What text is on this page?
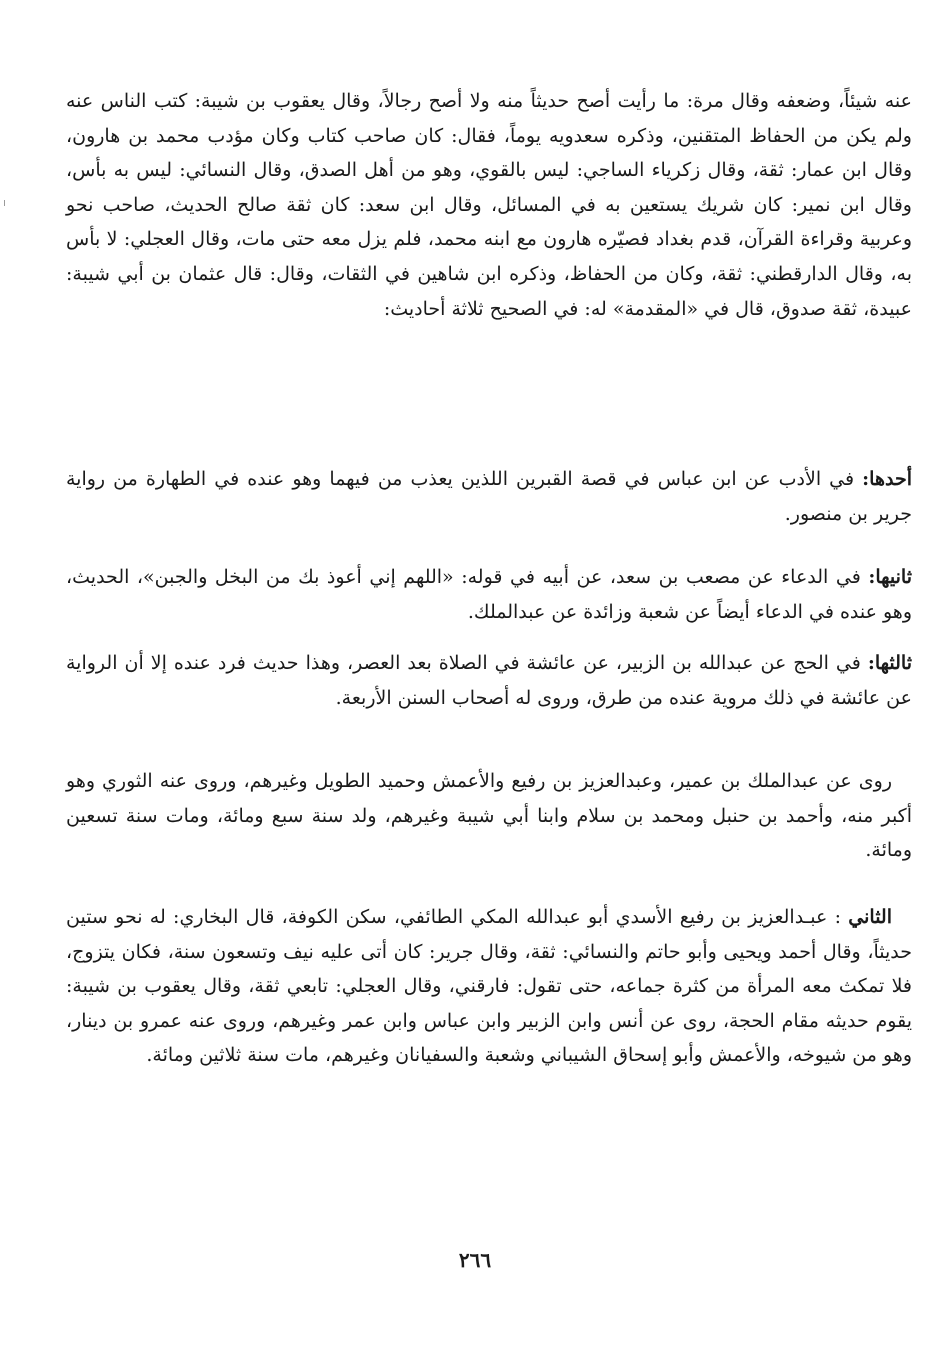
عنه شيئاً، وضعفه وقال مرة: ما رأيت أصح حديثاً منه ولا أصح رجالاً، وقال يعقوب بن شيبة: كتب الناس عنه ولم يكن من الحفاظ المتقنين، وذكره سعدويه يوماً، فقال: كان صاحب كتاب وكان مؤدب محمد بن هارون، وقال ابن عمار: ثقة، وقال زكرياء الساجي: ليس بالقوي، وهو من أهل الصدق، وقال النسائي: ليس به بأس، وقال ابن نمير: كان شريك يستعين به في المسائل، وقال ابن سعد: كان ثقة صالح الحديث، صاحب نحو وعربية وقراءة القرآن، قدم بغداد فصيّره هارون مع ابنه محمد، فلم يزل معه حتى مات، وقال العجلي: لا بأس به، وقال الدارقطني: ثقة، وكان من الحفاظ، وذكره ابن شاهين في الثقات، وقال: قال عثمان بن أبي شيبة: عبيدة، ثقة صدوق، قال في «المقدمة» له: في الصحيح ثلاثة أحاديث:
أحدها: في الأدب عن ابن عباس في قصة القبرين اللذين يعذب من فيهما وهو عنده في الطهارة من رواية جرير بن منصور.
ثانيها: في الدعاء عن مصعب بن سعد، عن أبيه في قوله: «اللهم إني أعوذ بك من البخل والجبن»، الحديث، وهو عنده في الدعاء أيضاً عن شعبة وزائدة عن عبدالملك.
ثالثها: في الحج عن عبدالله بن الزبير، عن عائشة في الصلاة بعد العصر، وهذا حديث فرد عنده إلا أن الرواية عن عائشة في ذلك مروية عنده من طرق، وروى له أصحاب السنن الأربعة.
روى عن عبدالملك بن عمير، وعبدالعزيز بن رفيع والأعمش وحميد الطويل وغيرهم، وروى عنه الثوري وهو أكبر منه، وأحمد بن حنبل ومحمد بن سلام وابنا أبي شيبة وغيرهم، ولد سنة سبع ومائة، ومات سنة تسعين ومائة.
الثاني : عبـدالعزيز بن رفيع الأسدي أبو عبدالله المكي الطائفي، سكن الكوفة، قال البخاري: له نحو ستين حديثاً، وقال أحمد ويحيى وأبو حاتم والنسائي: ثقة، وقال جرير: كان أتى عليه نيف وتسعون سنة، فكان يتزوج، فلا تمكث معه المرأة من كثرة جماعه، حتى تقول: فارقني، وقال العجلي: تابعي ثقة، وقال يعقوب بن شيبة: يقوم حديثه مقام الحجة، روى عن أنس وابن الزبير وابن عباس وابن عمر وغيرهم، وروى عنه عمرو بن دينار، وهو من شيوخه، والأعمش وأبو إسحاق الشيباني وشعبة والسفيانان وغيرهم، مات سنة ثلاثين ومائة.
٢٦٦
